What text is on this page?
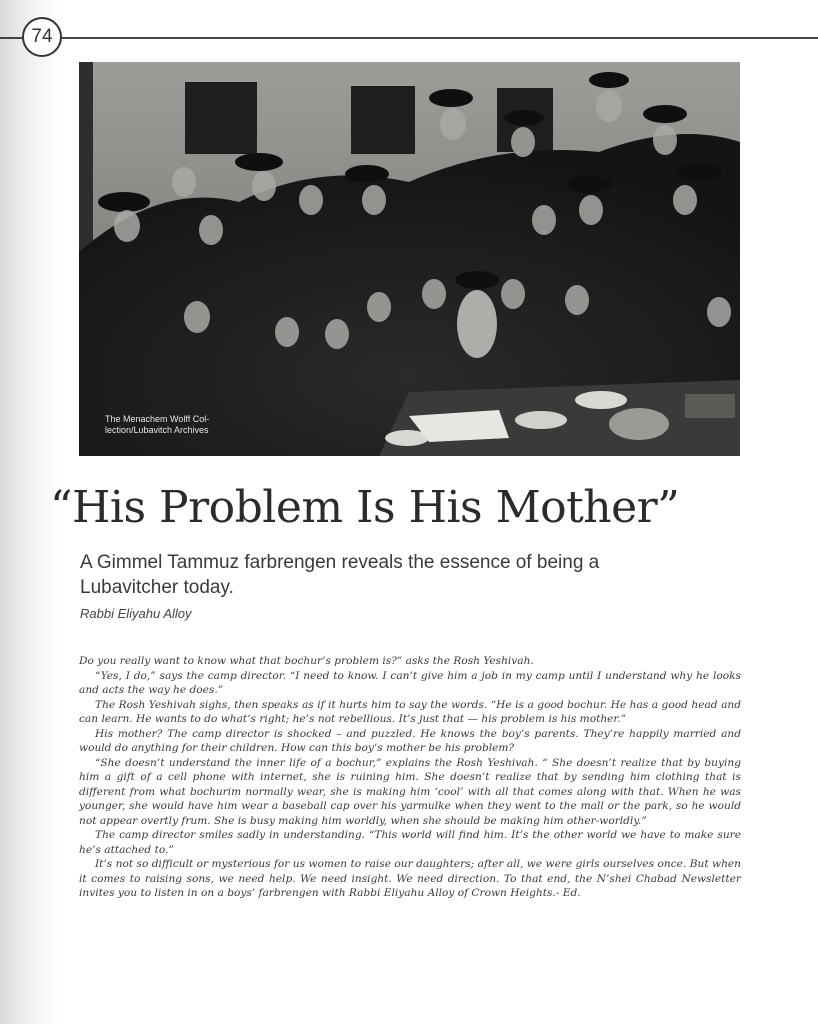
74
The Menachem Wolff Col-
lection/Lubavitch Archives
“His Problem Is His Mother”

A Gimmel Tammuz farbrengen reveals the essence of being a Lubavitcher today.

Rabbi Eliyahu Alloy

Do you really want to know what that bochur’s problem is?” asks the Rosh Yeshivah.

“Yes, I do,” says the camp director. “I need to know. I can’t give him a job in my camp until I understand why he looks and acts the way he does.”

The Rosh Yeshivah sighs, then speaks as if it hurts him to say the words. “He is a good bochur. He has a good head and can learn. He wants to do what’s right; he’s not rebellious. It’s just that — his problem is his mother.”

His mother? The camp director is shocked – and puzzled. He knows the boy’s parents. They’re happily married and would do anything for their children. How can this boy’s mother be his problem?

“She doesn’t understand the inner life of a bochur,” explains the Rosh Yeshivah. “ She doesn’t realize that by buying him a gift of a cell phone with internet, she is ruining him. She doesn’t realize that by sending him clothing that is different from what bochurim normally wear, she is making him ‘cool’ with all that comes along with that. When he was younger, she would have him wear a baseball cap over his yarmulke when they went to the mall or the park, so he would not appear overtly frum. She is busy making him worldly, when she should be making him other-worldly.”

The camp director smiles sadly in understanding. “This world will find him. It’s the other world we have to make sure he’s attached to.”

It’s not so difficult or mysterious for us women to raise our daughters; after all, we were girls ourselves once. But when it comes to raising sons, we need help. We need insight. We need direction. To that end, the N’shei Chabad Newsletter invites you to listen in on a boys’ farbrengen with Rabbi Eliyahu Alloy of Crown Heights.- Ed.
